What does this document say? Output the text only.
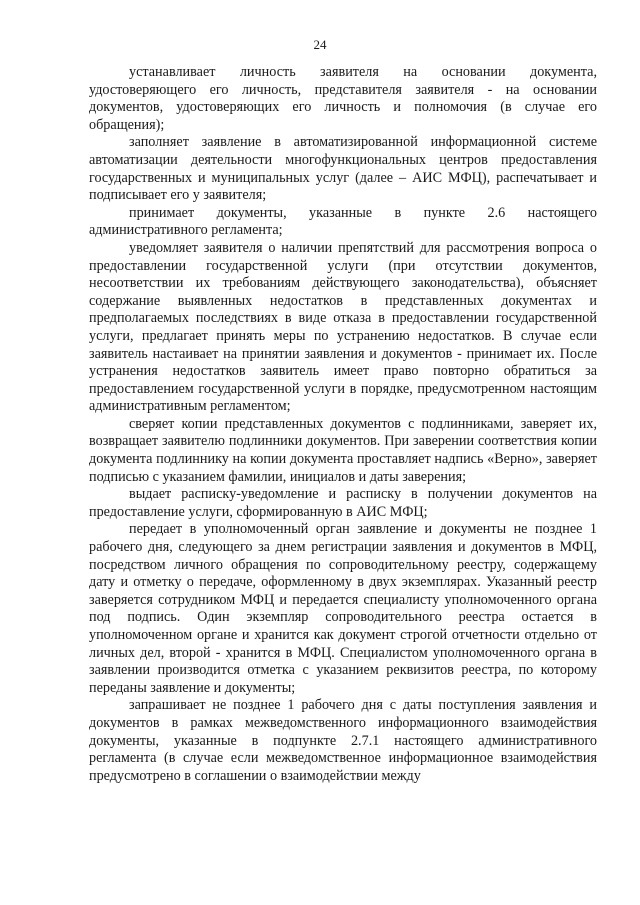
24

устанавливает личность заявителя на основании документа, удостоверяющего его личность, представителя заявителя - на основании документов, удостоверяющих его личность и полномочия (в случае его обращения);

заполняет заявление в автоматизированной информационной системе автоматизации деятельности многофункциональных центров предоставления государственных и муниципальных услуг (далее – АИС МФЦ), распечатывает и подписывает его у заявителя;

принимает документы, указанные в пункте 2.6 настоящего административного регламента;

уведомляет заявителя о наличии препятствий для рассмотрения вопроса о предоставлении государственной услуги (при отсутствии документов, несоответствии их требованиям действующего законодательства), объясняет содержание выявленных недостатков в представленных документах и предполагаемых последствиях в виде отказа в предоставлении государственной услуги, предлагает принять меры по устранению недостатков. В случае если заявитель настаивает на принятии заявления и документов - принимает их. После устранения недостатков заявитель имеет право повторно обратиться за предоставлением государственной услуги в порядке, предусмотренном настоящим административным регламентом;

сверяет копии представленных документов с подлинниками, заверяет их, возвращает заявителю подлинники документов. При заверении соответствия копии документа подлиннику на копии документа проставляет надпись «Верно», заверяет подписью с указанием фамилии, инициалов и даты заверения;

выдает расписку-уведомление и расписку в получении документов на предоставление услуги, сформированную в АИС МФЦ;

передает в уполномоченный орган заявление и документы не позднее 1 рабочего дня, следующего за днем регистрации заявления и документов в МФЦ, посредством личного обращения по сопроводительному реестру, содержащему дату и отметку о передаче, оформленному в двух экземплярах. Указанный реестр заверяется сотрудником МФЦ и передается специалисту уполномоченного органа под подпись. Один экземпляр сопроводительного реестра остается в уполномоченном органе и хранится как документ строгой отчетности отдельно от личных дел, второй - хранится в МФЦ. Специалистом уполномоченного органа в заявлении производится отметка с указанием реквизитов реестра, по которому переданы заявление и документы;

запрашивает не позднее 1 рабочего дня с даты поступления заявления и документов в рамках межведомственного информационного взаимодействия документы, указанные в подпункте 2.7.1 настоящего административного регламента (в случае если межведомственное информационное взаимодействия предусмотрено в соглашении о взаимодействии между
